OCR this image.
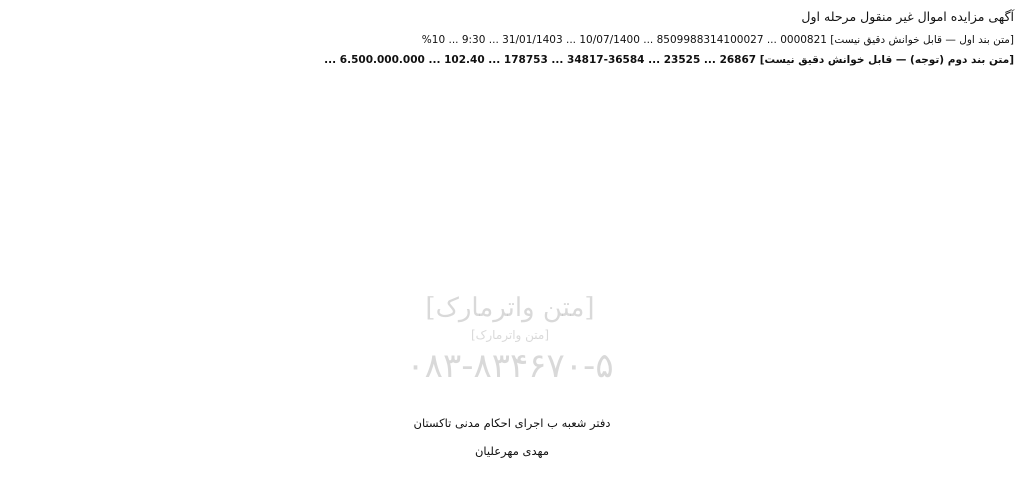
آگهی مزایده اموال غیر منقول مرحله اول

[متن بند اول — قابل خوانش دقیق نیست] 0000821 ... 8509988314100027 ... 10/07/1400 ... 31/01/1403 ... 9:30 ... 10%

[متن بند دوم (توجه) — قابل خوانش دقیق نیست] 26867 ... 23525 ... 36584-34817 ... 178753 ... 102.40 ... 6.500.000.000 ...

[متن واترمارک]
[متن واترمارک]
۰۸۳-۸۳۴۶۷۰-۵
دفتر شعبه ب اجرای احکام مدنی تاکستان
مهدی مهرعلیان
